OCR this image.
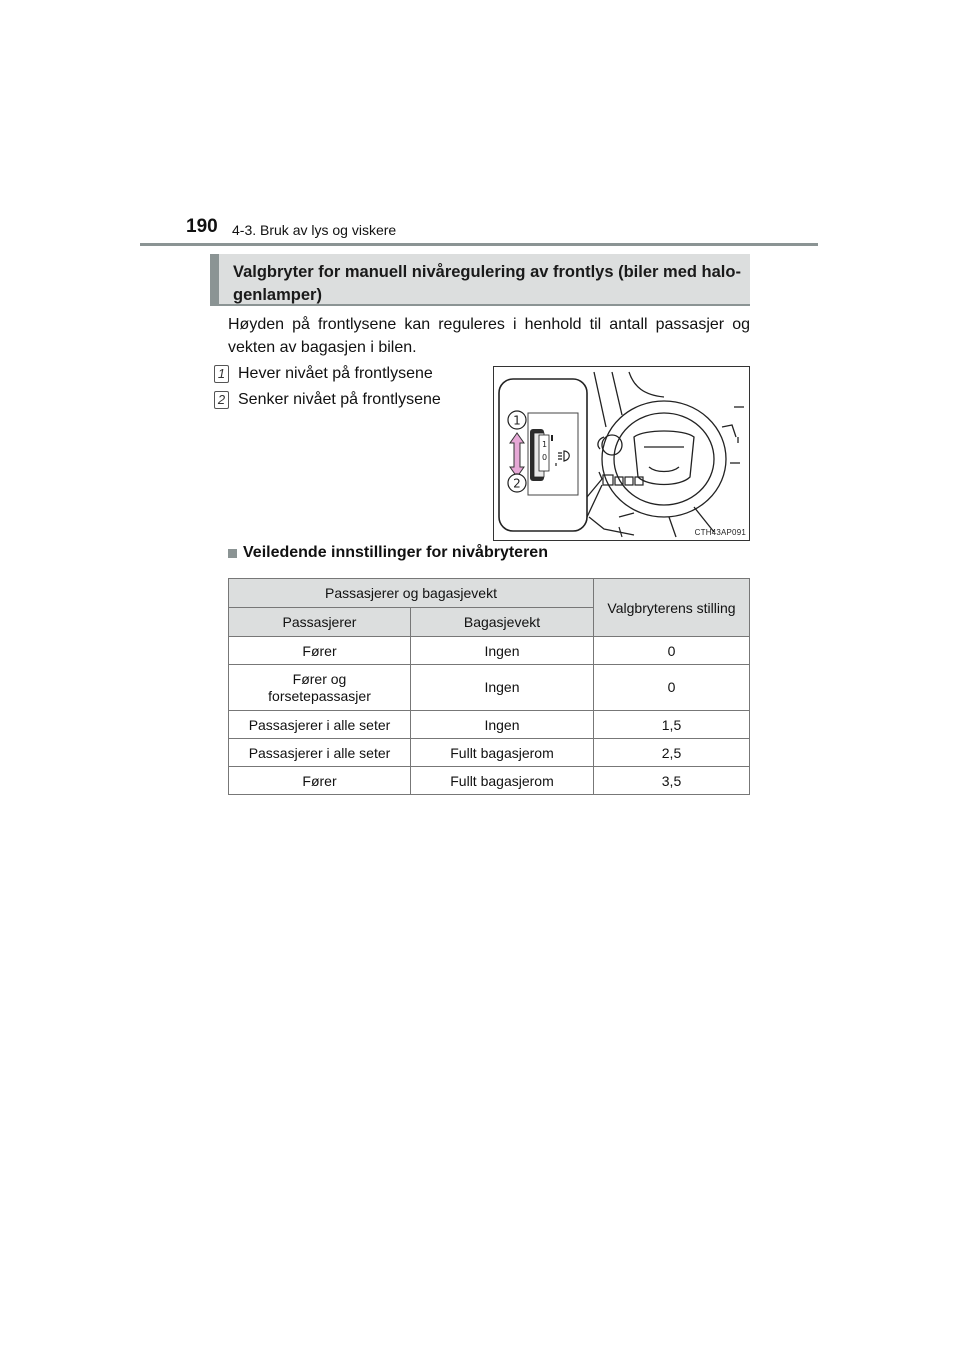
190 4-3. Bruk av lys og viskere
Valgbryter for manuell nivåregulering av frontlys (biler med halo-genlamper)
Høyden på frontlysene kan reguleres i henhold til antall passasjer og vekten av bagasjen i bilen.
1 Hever nivået på frontlysene
2 Senker nivået på frontlysene
1
0
1
2
CTH43AP091
Veiledende innstillinger for nivåbryteren
Passasjerer og bagasjevekt		Valgbryterens stilling
Passasjerer	Bagasjevekt	
Fører	Ingen	0
Fører og forsetepassasjer	Ingen	0
Passasjerer i alle seter	Ingen	1,5
Passasjerer i alle seter	Fullt bagasjerom	2,5
Fører	Fullt bagasjerom	3,5
